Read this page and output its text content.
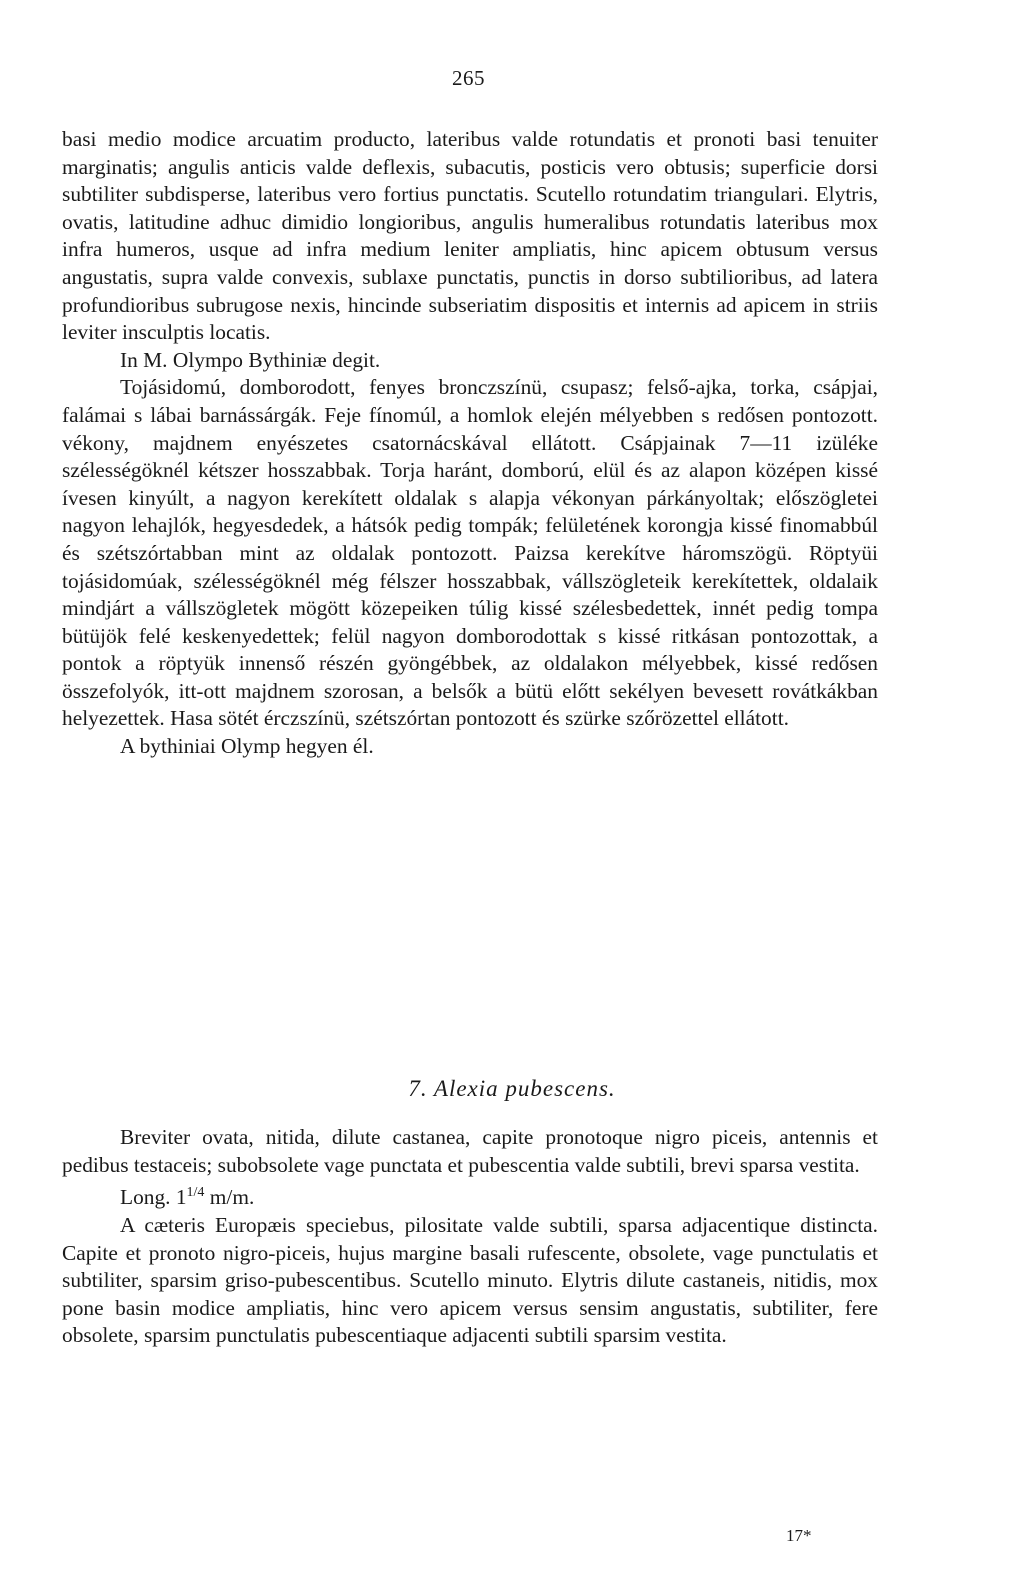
265

basi medio modice arcuatim producto, lateribus valde rotundatis et pronoti basi tenuiter marginatis; angulis anticis valde deflexis, subacutis, posticis vero obtusis; superficie dorsi subtiliter subdisperse, lateribus vero fortius punctatis. Scutello rotundatim triangulari. Elytris, ovatis, latitudine adhuc dimidio longioribus, angulis humeralibus rotundatis lateribus mox infra humeros, usque ad infra medium leniter ampliatis, hinc apicem obtusum versus angustatis, supra valde convexis, sublaxe punctatis, punctis in dorso subtilioribus, ad latera profundioribus subrugose nexis, hincinde subseriatim dispositis et internis ad apicem in striis leviter insculptis locatis.

In M. Olympo Bythiniæ degit.

Tojásidomú, domborodott, fenyes bronczszínü, csupasz; felső-ajka, torka, csápjai, falámai s lábai barnássárgák. Feje fínomúl, a homlok elején mélyebben s redősen pontozott. vékony, majdnem enyészetes csatornácskával ellátott. Csápjainak 7—11 izüléke szélességöknél kétszer hosszabbak. Torja haránt, domború, elül és az alapon középen kissé ívesen kinyúlt, a nagyon kerekített oldalak s alapja vékonyan párkányoltak; előszögletei nagyon lehajlók, hegyesdedek, a hátsók pedig tompák; felületének korongja kissé finomabbúl és szétszórtabban mint az oldalak pontozott. Paizsa kerekítve háromszögü. Röptyüi tojásidomúak, szélességöknél még félszer hosszabbak, vállszögleteik kerekítettek, oldalaik mindjárt a vállszögletek mögött közepeiken túlig kissé szélesbedettek, innét pedig tompa bütüjök felé keskenyedettek; felül nagyon domborodottak s kissé ritkásan pontozottak, a pontok a röptyük innenső részén gyöngébbek, az oldalakon mélyebbek, kissé redősen összefolyók, itt-ott majdnem szorosan, a belsők a bütü előtt sekélyen bevesett rovátkákban helyezettek. Hasa sötét érczszínü, szétszórtan pontozott és szürke szőrözettel ellátott.

A bythiniai Olymp hegyen él.

7. Alexia pubescens.

Breviter ovata, nitida, dilute castanea, capite pronotoque nigro piceis, antennis et pedibus testaceis; subobsolete vage punctata et pubescentia valde subtili, brevi sparsa vestita.

Long. $1^{1/4}$ m/m.

A cæteris Europæis speciebus, pilositate valde subtili, sparsa adjacentique distincta. Capite et pronoto nigro-piceis, hujus margine basali rufescente, obsolete, vage punctulatis et subtiliter, sparsim griso-pubescentibus. Scutello minuto. Elytris dilute castaneis, nitidis, mox pone basin modice ampliatis, hinc vero apicem versus sensim angustatis, subtiliter, fere obsolete, sparsim punctulatis pubescentiaque adjacenti subtili sparsim vestita.

17*
